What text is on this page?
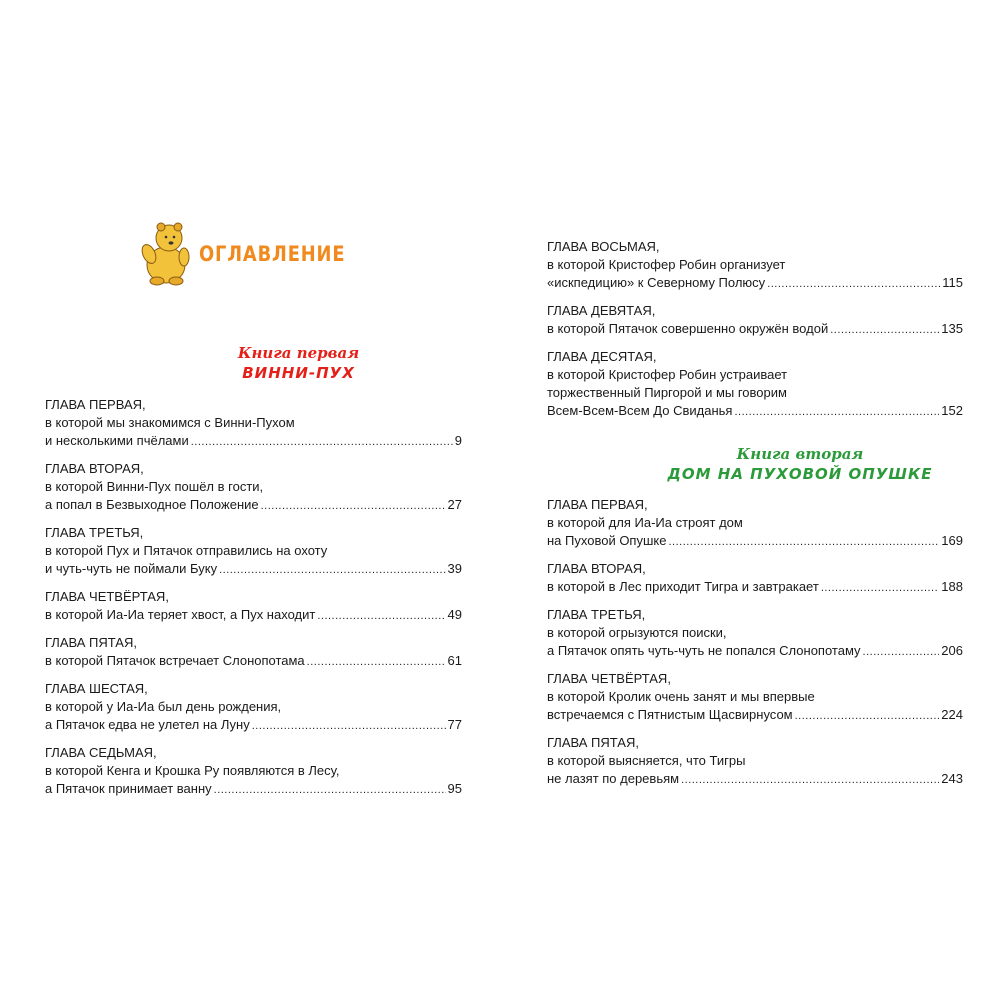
ОГЛАВЛЕНИЕ
Книга первая
ВИННИ-ПУХ
ГЛАВА ПЕРВАЯ,
в которой мы знакомимся с Винни-Пухом
и несколькими пчёлами .....	9
ГЛАВА ВТОРАЯ,
в которой Винни-Пух пошёл в гости,
а попал в Безвыходное Положение .....	27
ГЛАВА ТРЕТЬЯ,
в которой Пух и Пятачок отправились на охоту
и чуть-чуть не поймали Буку .....	39
ГЛАВА ЧЕТВЁРТАЯ,
в которой Иа-Иа теряет хвост, а Пух находит .....	49
ГЛАВА ПЯТАЯ,
в которой Пятачок встречает Слонопотама .....	61
ГЛАВА ШЕСТАЯ,
в которой у Иа-Иа был день рождения,
а Пятачок едва не улетел на Луну .....	77
ГЛАВА СЕДЬМАЯ,
в которой Кенга и Крошка Ру появляются в Лесу,
а Пятачок принимает ванну .....	95
ГЛАВА ВОСЬМАЯ,
в которой Кристофер Робин организует
«искпедицию» к Северному Полюсу .....	115
ГЛАВА ДЕВЯТАЯ,
в которой Пятачок совершенно окружён водой .....	135
ГЛАВА ДЕСЯТАЯ,
в которой Кристофер Робин устраивает
торжественный Пиргорой и мы говорим
Всем-Всем-Всем До Свиданья .....	152
Книга вторая
ДОМ НА ПУХОВОЙ ОПУШКЕ
ГЛАВА ПЕРВАЯ,
в которой для Иа-Иа строят дом
на Пуховой Опушке .....	169
ГЛАВА ВТОРАЯ,
в которой в Лес приходит Тигра и завтракает .....	188
ГЛАВА ТРЕТЬЯ,
в которой огрызуются поиски,
а Пятачок опять чуть-чуть не попался Слонопотаму .....	206
ГЛАВА ЧЕТВЁРТАЯ,
в которой Кролик очень занят и мы впервые
встречаемся с Пятнистым Щасвирнусом .....	224
ГЛАВА ПЯТАЯ,
в которой выясняется, что Тигры
не лазят по деревьям .....	243
